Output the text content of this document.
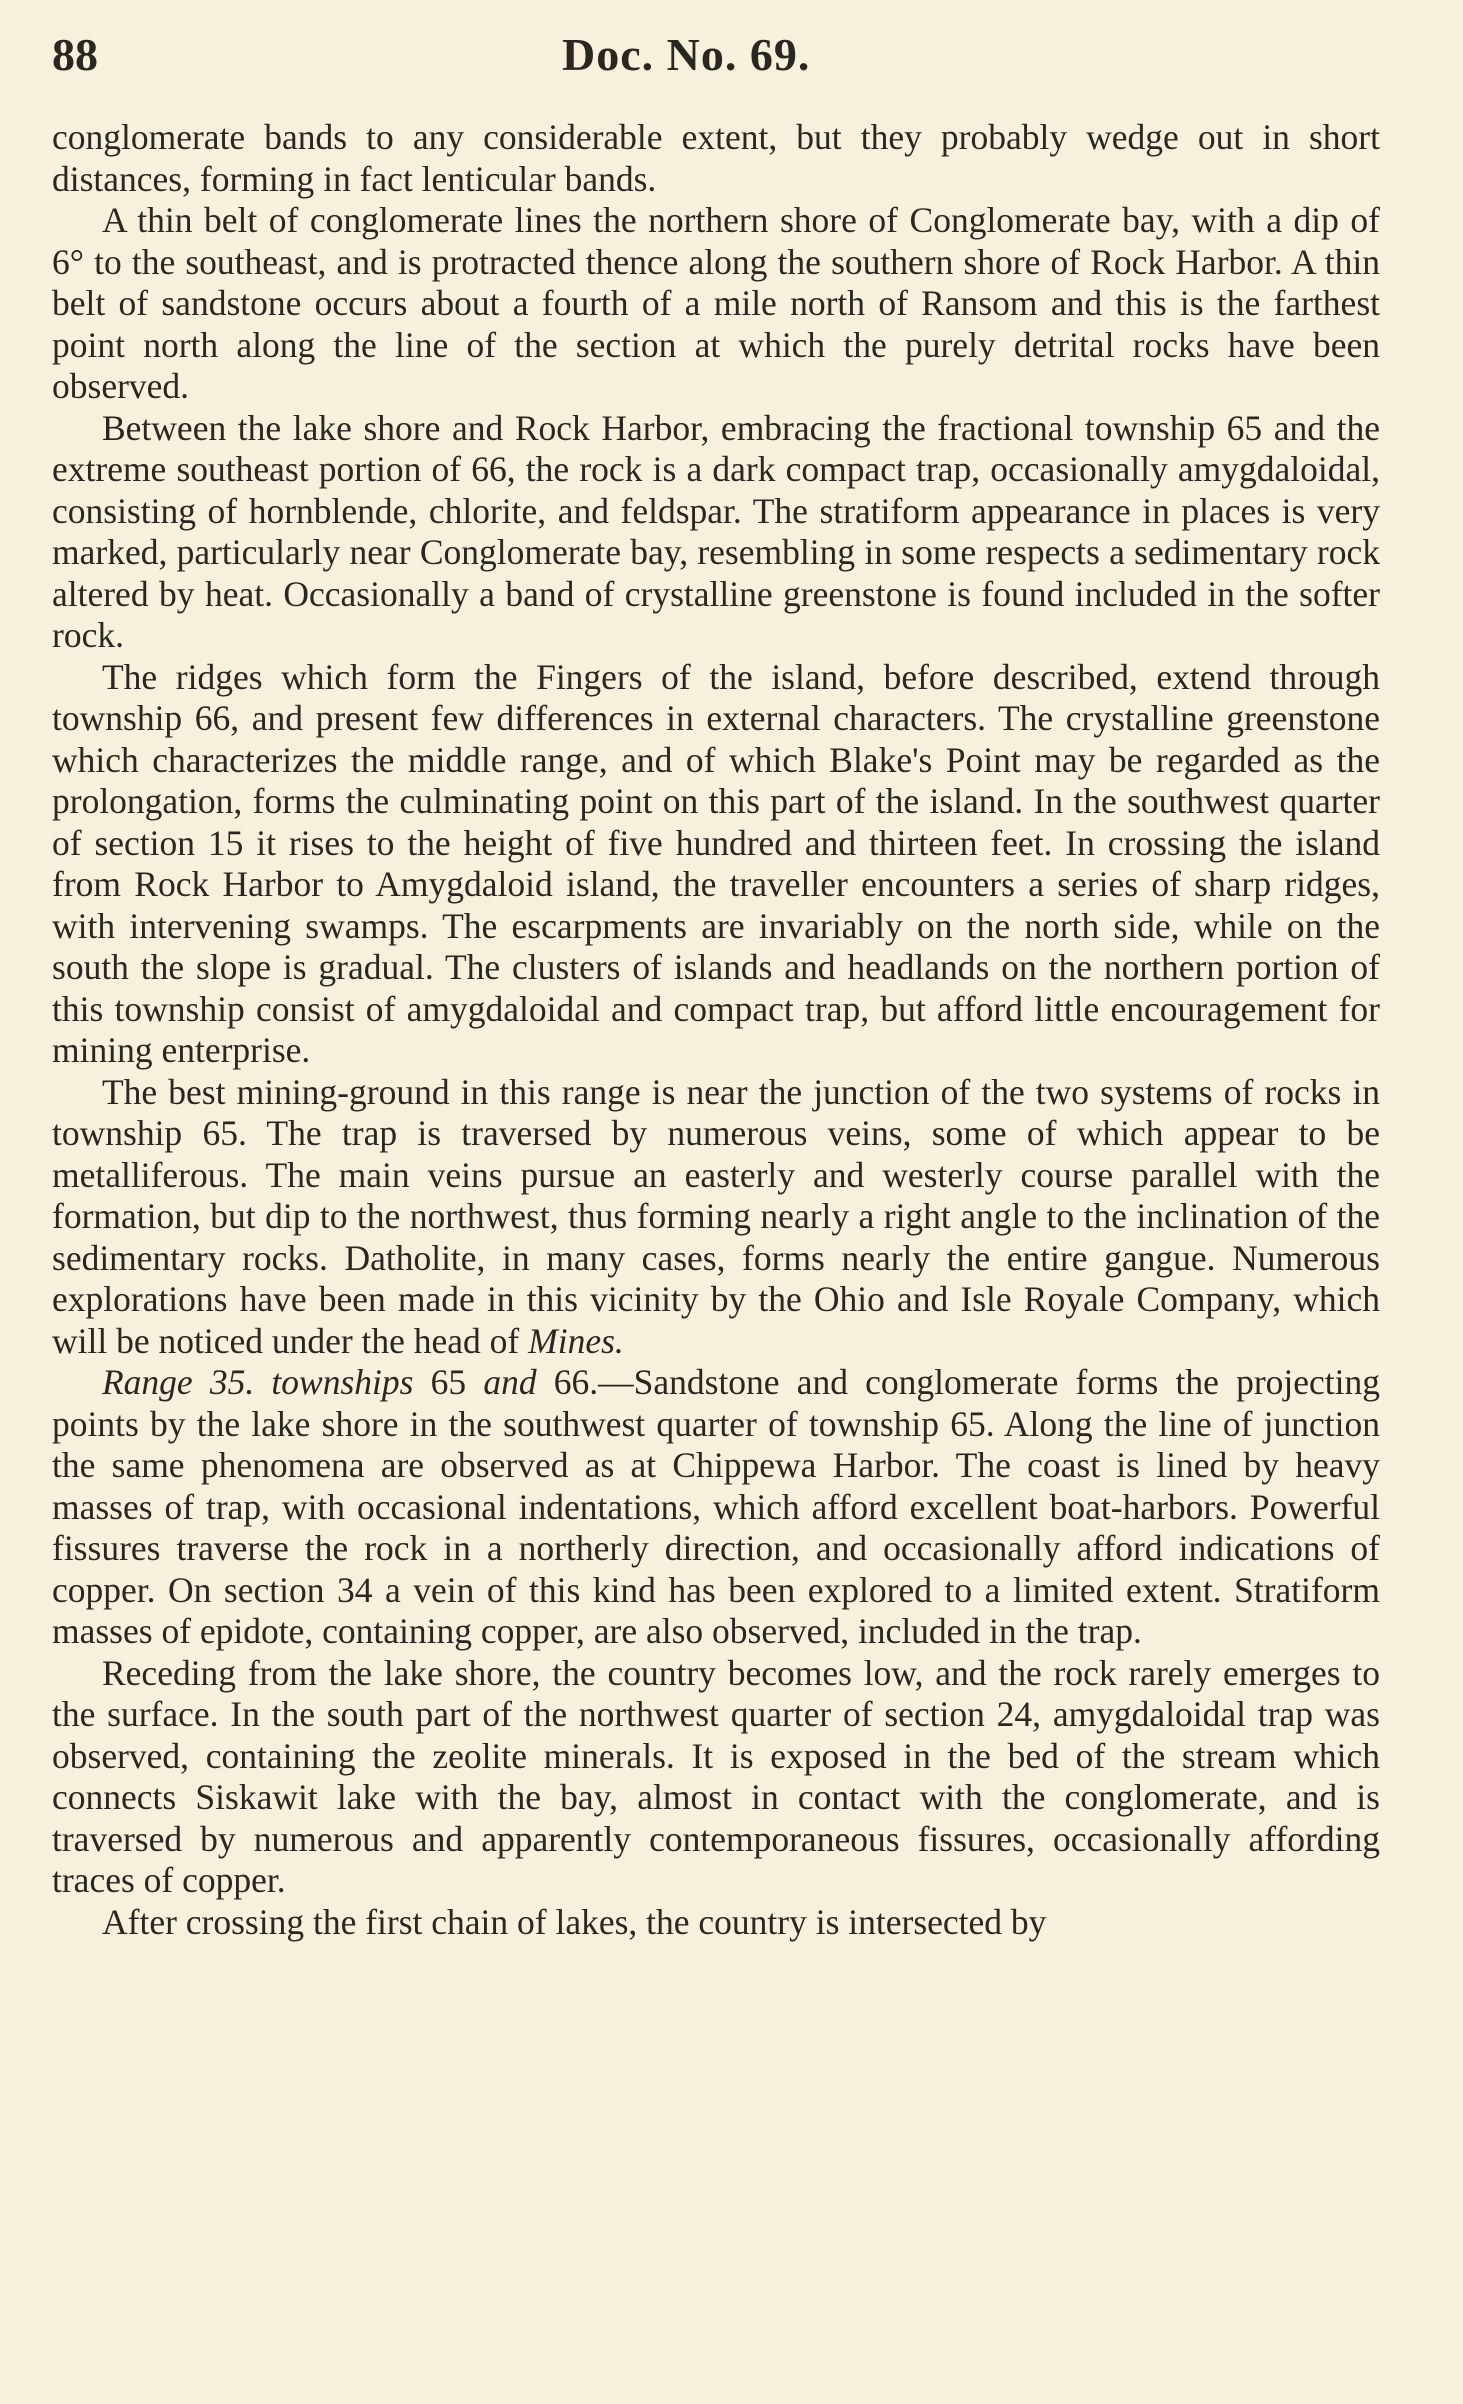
88	Doc. No. 69.

conglomerate bands to any considerable extent, but they probably wedge out in short distances, forming in fact lenticular bands.

A thin belt of conglomerate lines the northern shore of Conglomerate bay, with a dip of 6° to the southeast, and is protracted thence along the southern shore of Rock Harbor. A thin belt of sandstone occurs about a fourth of a mile north of Ransom and this is the farthest point north along the line of the section at which the purely detrital rocks have been observed.

Between the lake shore and Rock Harbor, embracing the fractional township 65 and the extreme southeast portion of 66, the rock is a dark compact trap, occasionally amygdaloidal, consisting of hornblende, chlorite, and feldspar. The stratiform appearance in places is very marked, particularly near Conglomerate bay, resembling in some respects a sedimentary rock altered by heat. Occasionally a band of crystalline greenstone is found included in the softer rock.

The ridges which form the Fingers of the island, before described, extend through township 66, and present few differences in external characters. The crystalline greenstone which characterizes the middle range, and of which Blake's Point may be regarded as the prolongation, forms the culminating point on this part of the island. In the southwest quarter of section 15 it rises to the height of five hundred and thirteen feet. In crossing the island from Rock Harbor to Amygdaloid island, the traveller encounters a series of sharp ridges, with intervening swamps. The escarpments are invariably on the north side, while on the south the slope is gradual. The clusters of islands and headlands on the northern portion of this township consist of amygdaloidal and compact trap, but afford little encouragement for mining enterprise.

The best mining-ground in this range is near the junction of the two systems of rocks in township 65. The trap is traversed by numerous veins, some of which appear to be metalliferous. The main veins pursue an easterly and westerly course parallel with the formation, but dip to the northwest, thus forming nearly a right angle to the inclination of the sedimentary rocks. Datholite, in many cases, forms nearly the entire gangue. Numerous explorations have been made in this vicinity by the Ohio and Isle Royale Company, which will be noticed under the head of Mines.

Range 35. townships 65 and 66.—Sandstone and conglomerate forms the projecting points by the lake shore in the southwest quarter of township 65. Along the line of junction the same phenomena are observed as at Chippewa Harbor. The coast is lined by heavy masses of trap, with occasional indentations, which afford excellent boat-harbors. Powerful fissures traverse the rock in a northerly direction, and occasionally afford indications of copper. On section 34 a vein of this kind has been explored to a limited extent. Stratiform masses of epidote, containing copper, are also observed, included in the trap.

Receding from the lake shore, the country becomes low, and the rock rarely emerges to the surface. In the south part of the northwest quarter of section 24, amygdaloidal trap was observed, containing the zeolite minerals. It is exposed in the bed of the stream which connects Siskawit lake with the bay, almost in contact with the conglomerate, and is traversed by numerous and apparently contemporaneous fissures, occasionally affording traces of copper.

After crossing the first chain of lakes, the country is intersected by
